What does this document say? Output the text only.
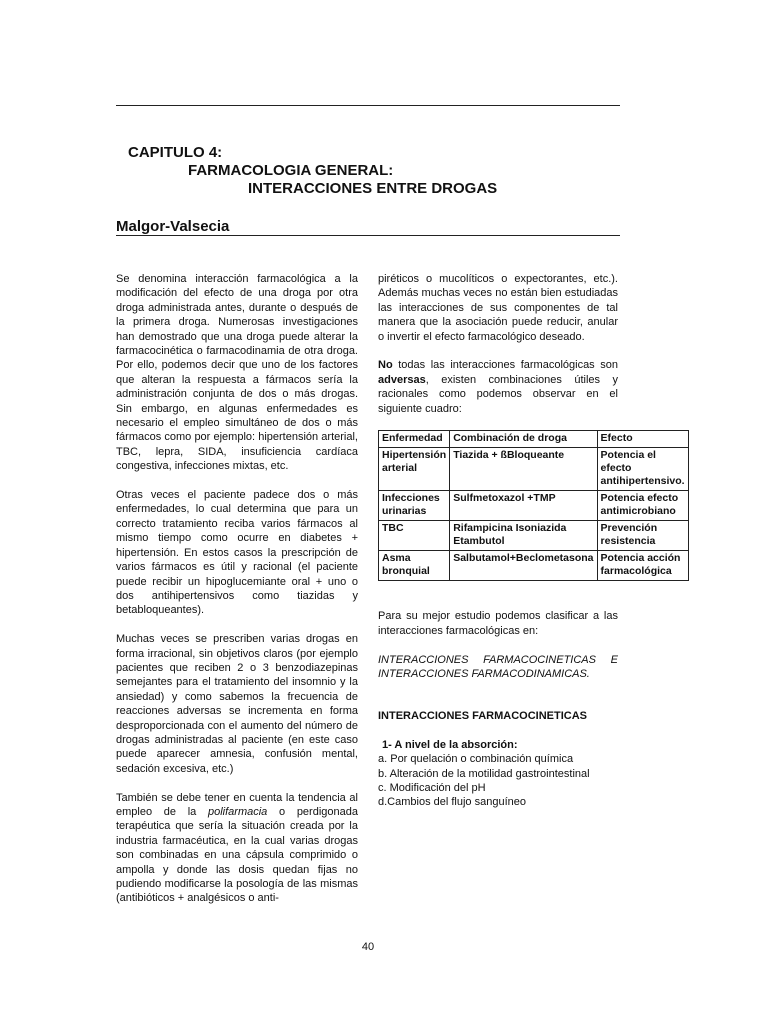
CAPITULO 4:
FARMACOLOGIA GENERAL:
INTERACCIONES ENTRE DROGAS
Malgor-Valsecia

Se denomina interacción farmacológica a la modificación del efecto de una droga por otra droga administrada antes, durante o después de la primera droga. Numerosas investigaciones han demostrado que una droga puede alterar la farmacocinética o farmacodinamia de otra droga. Por ello, podemos decir que uno de los factores que alteran la respuesta a fármacos sería la administración conjunta de dos o más drogas. Sin embargo, en algunas enfermedades es necesario el empleo simultáneo de dos o más fármacos como por ejemplo: hipertensión arterial, TBC, lepra, SIDA, insuficiencia cardíaca congestiva, infecciones mixtas, etc.

Otras veces el paciente padece dos o más enfermedades, lo cual determina que para un correcto tratamiento reciba varios fármacos al mismo tiempo como ocurre en diabetes + hipertensión. En estos casos la prescripción de varios fármacos es útil y racional (el paciente puede recibir un hipoglucemiante oral + uno o dos antihipertensivos como tiazidas y betabloqueantes).

Muchas veces se prescriben varias drogas en forma irracional, sin objetivos claros (por ejemplo pacientes que reciben 2 o 3 benzodiazepinas semejantes para el tratamiento del insomnio y la ansiedad) y como sabemos la frecuencia de reacciones adversas se incrementa en forma desproporcionada con el aumento del número de drogas administradas al paciente (en este caso puede aparecer amnesia, confusión mental, sedación excesiva, etc.)

También se debe tener en cuenta la tendencia al empleo de la polifarmacia o perdigonada terapéutica que sería la situación creada por la industria farmacéutica, en la cual varias drogas son combinadas en una cápsula comprimido o ampolla y donde las dosis quedan fijas no pudiendo modificarse la posología de las mismas (antibióticos + analgésicos o anti-

piréticos o mucolíticos o expectorantes, etc.). Además muchas veces no están bien estudiadas las interacciones de sus componentes de tal manera que la asociación puede reducir, anular o invertir el efecto farmacológico deseado.

No todas las interacciones farmacológicas son adversas, existen combinaciones útiles y racionales como podemos observar en el siguiente cuadro:

Enfermedad	Combinación de droga	Efecto
Hipertensión arterial	Tiazida + ßBloqueante	Potencia el efecto antihipertensivo.
Infecciones urinarias	Sulfmetoxazol +TMP	Potencia efecto antimicrobiano
TBC	Rifampicina Isoniazida Etambutol	Prevención resistencia
Asma bronquial	Salbutamol+Beclometasona	Potencia acción farmacológica

Para su mejor estudio podemos clasificar a las interacciones farmacológicas en:

INTERACCIONES FARMACOCINETICAS E INTERACCIONES FARMACODINAMICAS.

INTERACCIONES FARMACOCINETICAS
1- A nivel de la absorción:
a. Por quelación o combinación química
b. Alteración de la motilidad gastrointestinal
c. Modificación del pH
d.Cambios del flujo sanguíneo
40
